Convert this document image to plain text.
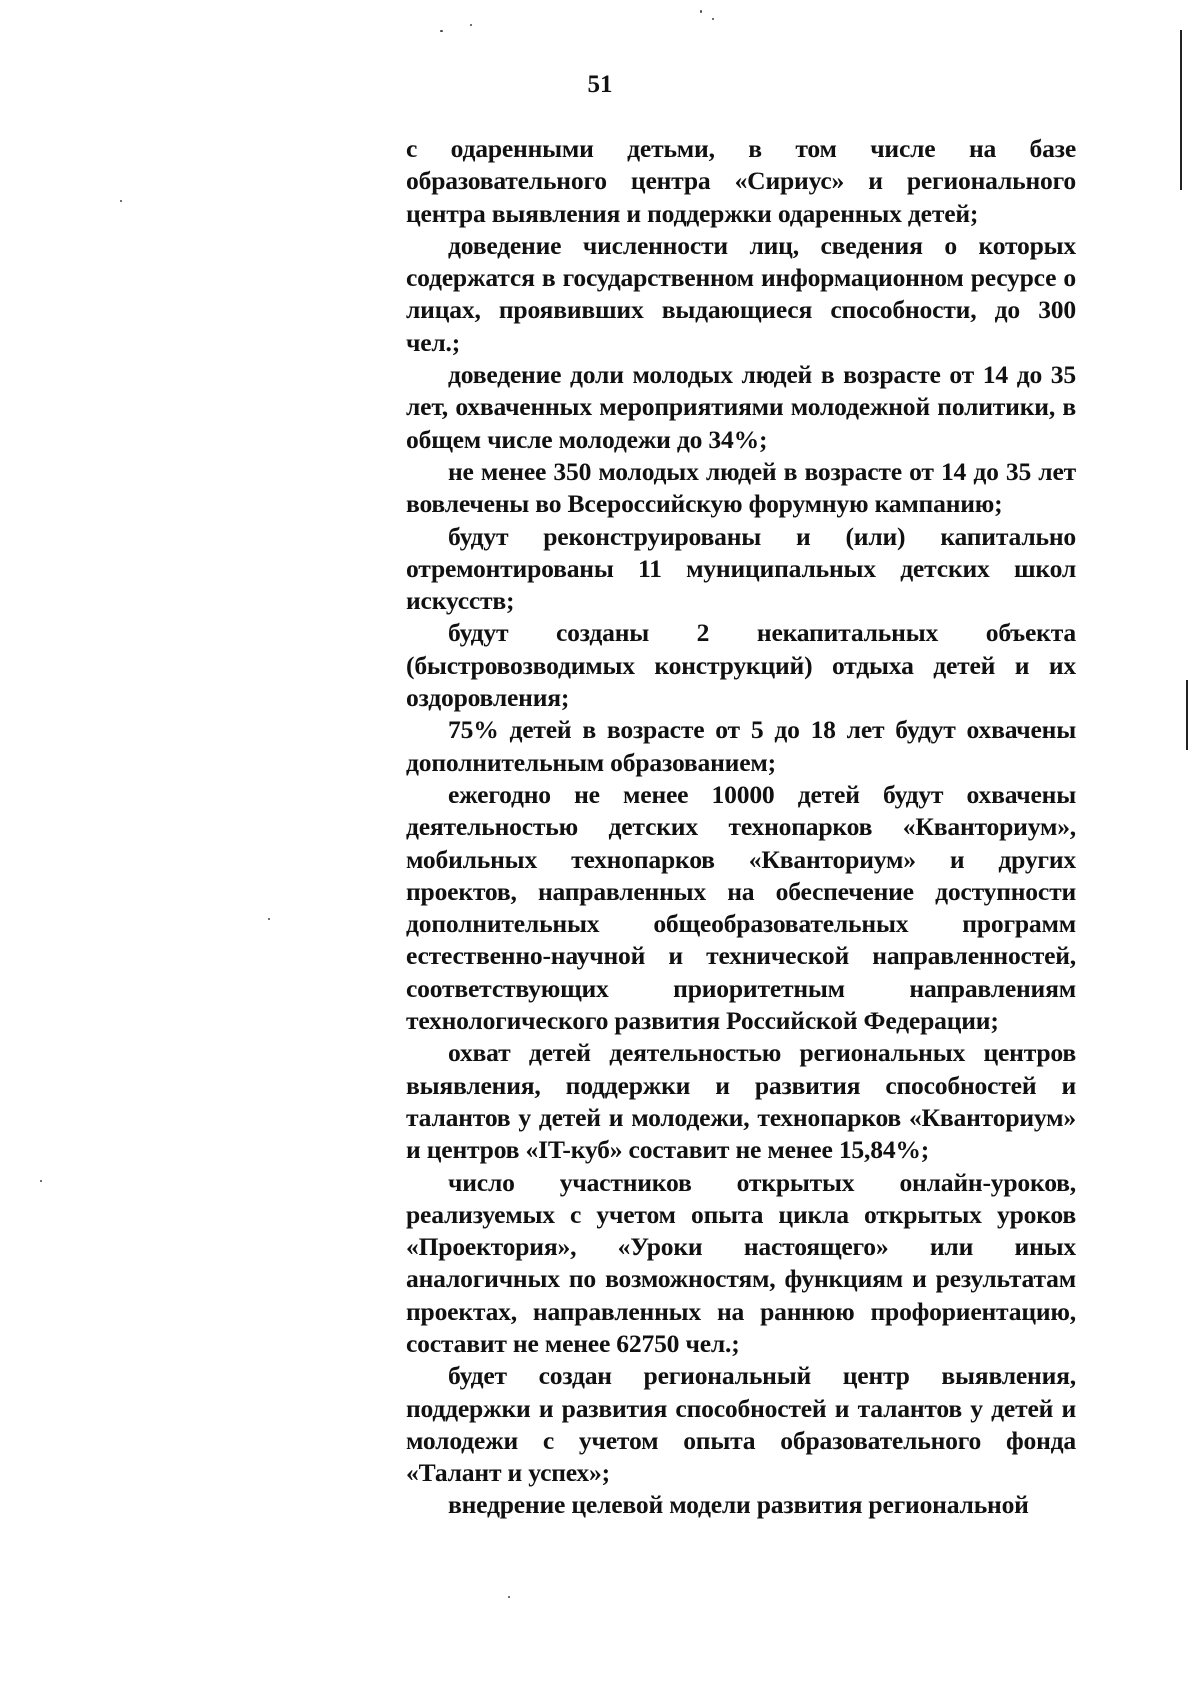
51

с одаренными детьми, в том числе на базе образовательного центра «Сириус» и регионального центра выявления и поддержки одаренных детей;

доведение численности лиц, сведения о которых содержатся в государственном информационном ресурсе о лицах, проявивших выдающиеся способности, до 300 чел.;

доведение доли молодых людей в возрасте от 14 до 35 лет, охваченных мероприятиями молодежной политики, в общем числе молодежи до 34%;

не менее 350 молодых людей в возрасте от 14 до 35 лет вовлечены во Всероссийскую форумную кампанию;

будут реконструированы и (или) капитально отремонтированы 11 муниципальных детских школ искусств;

будут созданы 2 некапитальных объекта (быстровозводимых конструкций) отдыха детей и их оздоровления;

75% детей в возрасте от 5 до 18 лет будут охвачены дополнительным образованием;

ежегодно не менее 10000 детей будут охвачены деятельностью детских технопарков «Кванториум», мобильных технопарков «Кванториум» и других проектов, направленных на обеспечение доступности дополнительных общеобразовательных программ естественно-научной и технической направленностей, соответствующих приоритетным направлениям технологического развития Российской Федерации;

охват детей деятельностью региональных центров выявления, поддержки и развития способностей и талантов у детей и молодежи, технопарков «Кванториум» и центров «IT-куб» составит не менее 15,84%;

число участников открытых онлайн-уроков, реализуемых с учетом опыта цикла открытых уроков «Проектория», «Уроки настоящего» или иных аналогичных по возможностям, функциям и результатам проектах, направленных на раннюю профориентацию, составит не менее 62750 чел.;

будет создан региональный центр выявления, поддержки и развития способностей и талантов у детей и молодежи с учетом опыта образовательного фонда «Талант и успех»;

внедрение целевой модели развития региональной
